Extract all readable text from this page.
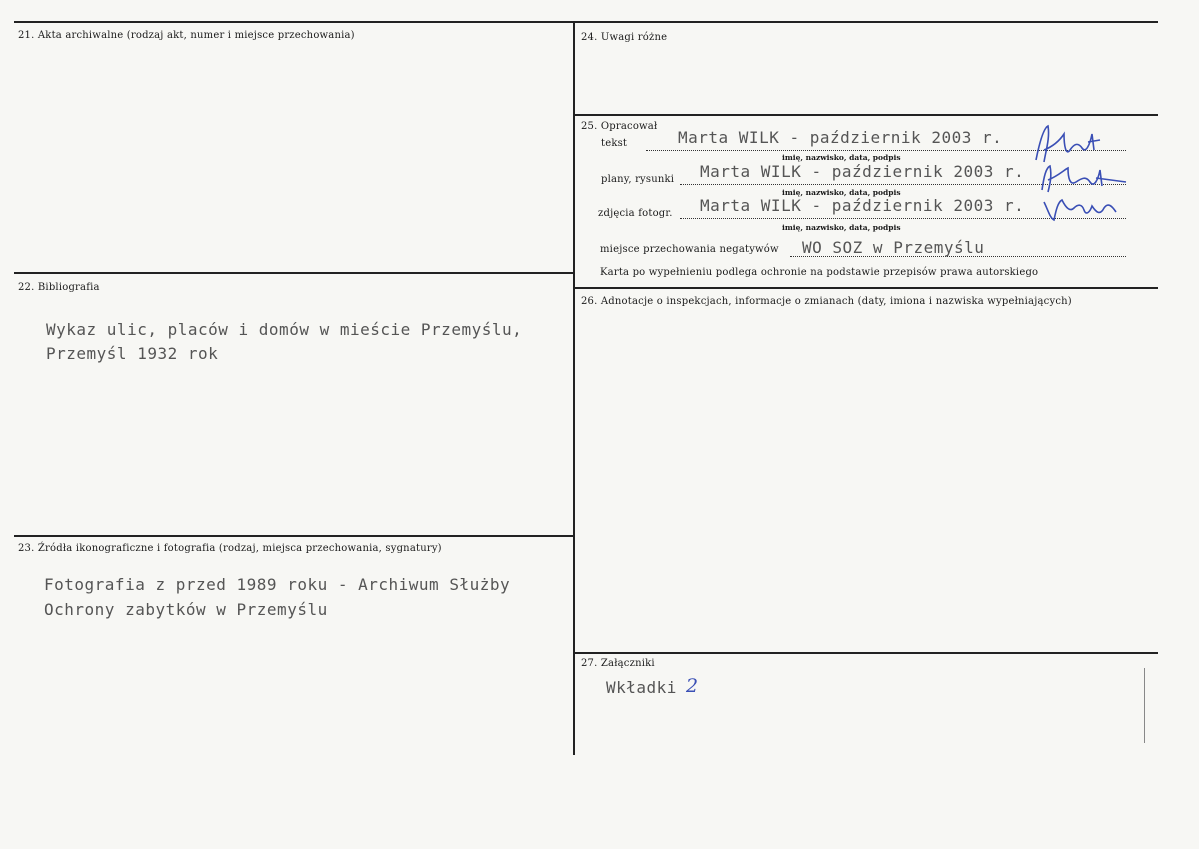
21. Akta archiwalne (rodzaj akt, numer i miejsce przechowania)
22. Bibliografia
Wykaz ulic, placów i domów w mieście Przemyślu,
Przemyśl 1932 rok
23. Źródła ikonograficzne i fotografia (rodzaj, miejsca przechowania, sygnatury)
Fotografia z przed 1989 roku - Archiwum Służby
Ochrony zabytków w Przemyślu
24. Uwagi różne
25. Opracował
tekst	Marta WILK - październik 2003 r.
imię, nazwisko, data, podpis
plany, rysunki Marta WILK - październik 2003 r.
imię, nazwisko, data, podpis
zdjęcia fotogr. Marta WILK - październik 2003 r.
imię, nazwisko, data, podpis
miejsce przechowania negatywów WO SOZ w Przemyślu
Karta po wypełnieniu podlega ochronie na podstawie przepisów prawa autorskiego
26. Adnotacje o inspekcjach, informacje o zmianach (daty, imiona i nazwiska wypełniających)
27. Załączniki
Wkładki 2
